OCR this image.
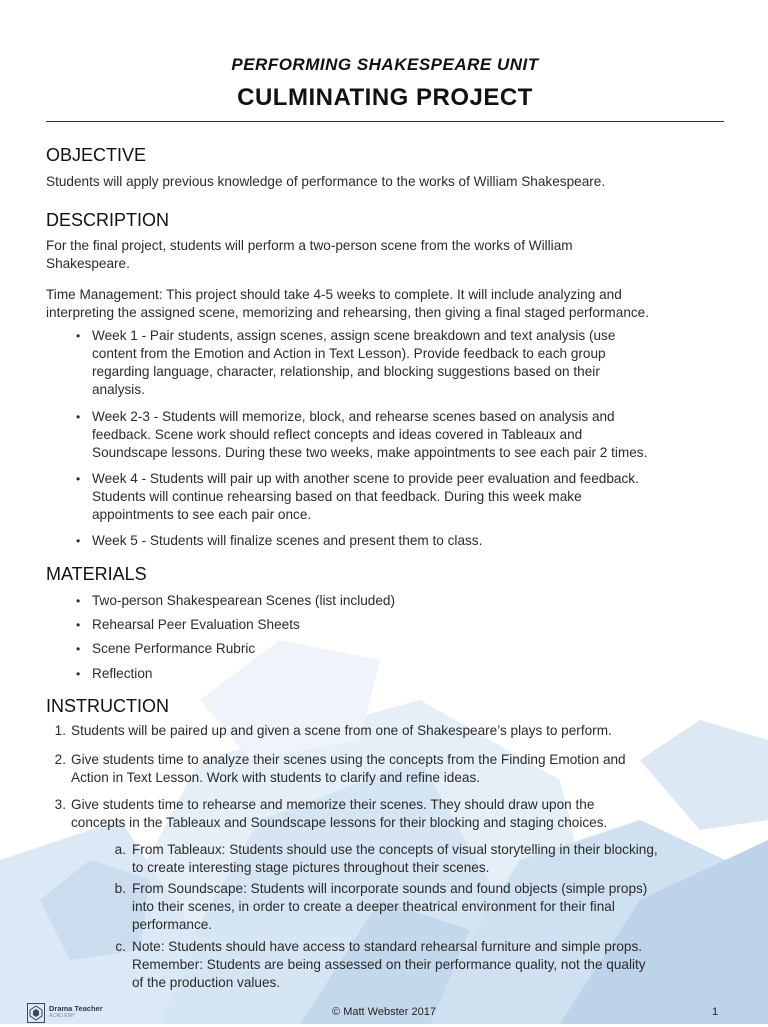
PERFORMING SHAKESPEARE UNIT
CULMINATING PROJECT
OBJECTIVE
Students will apply previous knowledge of performance to the works of William Shakespeare.
DESCRIPTION
For the final project, students will perform a two-person scene from the works of William
Shakespeare.
Time Management: This project should take 4-5 weeks to complete. It will include analyzing and
interpreting the assigned scene, memorizing and rehearsing, then giving a final staged performance.
• Week 1 - Pair students, assign scenes, assign scene breakdown and text analysis (use
content from the Emotion and Action in Text Lesson). Provide feedback to each group
regarding language, character, relationship, and blocking suggestions based on their
analysis.
• Week 2-3 - Students will memorize, block, and rehearse scenes based on analysis and
feedback. Scene work should reflect concepts and ideas covered in Tableaux and
Soundscape lessons. During these two weeks, make appointments to see each pair 2 times.
• Week 4 - Students will pair up with another scene to provide peer evaluation and feedback.
Students will continue rehearsing based on that feedback. During this week make
appointments to see each pair once.
• Week 5 - Students will finalize scenes and present them to class.
MATERIALS
• Two-person Shakespearean Scenes (list included)
• Rehearsal Peer Evaluation Sheets
• Scene Performance Rubric
• Reflection
INSTRUCTION
1. Students will be paired up and given a scene from one of Shakespeare’s plays to perform.
2. Give students time to analyze their scenes using the concepts from the Finding Emotion and
Action in Text Lesson. Work with students to clarify and refine ideas.
3. Give students time to rehearse and memorize their scenes. They should draw upon the
concepts in the Tableaux and Soundscape lessons for their blocking and staging choices.
a. From Tableaux: Students should use the concepts of visual storytelling in their blocking,
to create interesting stage pictures throughout their scenes.
b. From Soundscape: Students will incorporate sounds and found objects (simple props)
into their scenes, in order to create a deeper theatrical environment for their final
performance.
c. Note: Students should have access to standard rehearsal furniture and simple props.
Remember: Students are being assessed on their performance quality, not the quality
of the production values.
Drama Teacher
ACAD EMY	© Matt Webster 2017	1
